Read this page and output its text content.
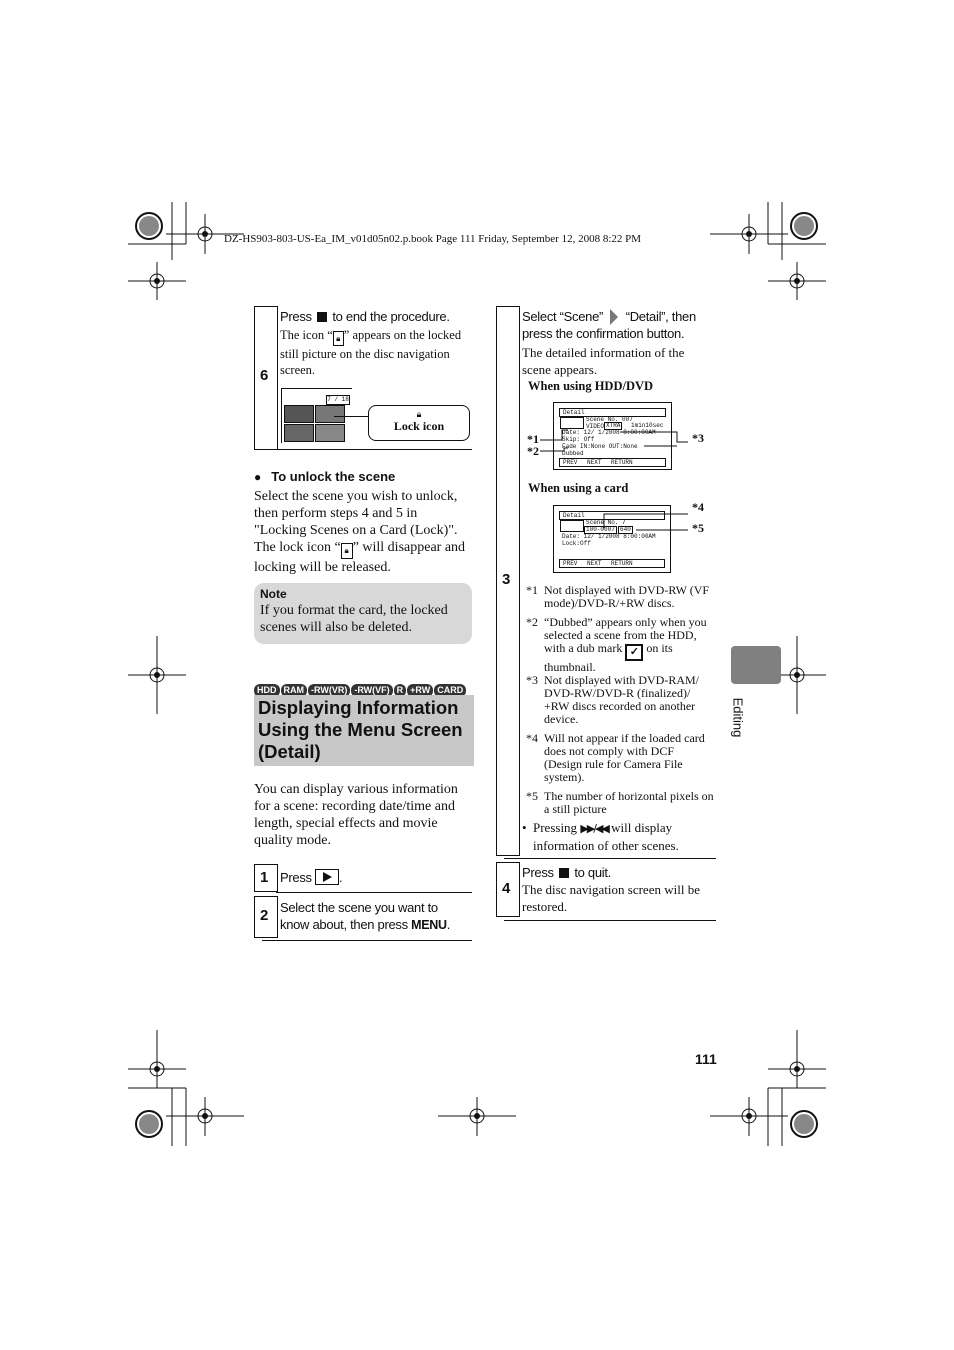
DZ-HS903-803-US-Ea_IM_v01d05n02.p.book Page 111 Friday, September 12, 2008 8:22 PM
6
Press to end the procedure.
The icon “ 🔒︎ ” appears on the locked still picture on the disc navigation screen.
7 / 18
🔒︎
Lock icon
● To unlock the scene
Select the scene you wish to unlock, then perform steps 4 and 5 in "Locking Scenes on a Card (Lock)". The lock icon “ 🔒︎ ” will disappear and locking will be released.
Note
If you format the card, the locked scenes will also be deleted.
HDD RAM -RW(VR) -RW(VF) R +RW CARD
Displaying Information Using the Menu Screen (Detail)
You can display various information for a scene: recording date/time and length, special effects and movie quality mode.
1 Press .
2 Select the scene you want to know about, then press MENU.
3
Select “Scene” “Detail”, then press the confirmation button.
The detailed information of the scene appears.
When using HDD/DVD
Detail
Scene No. 007
VIDEO XTRA	1min10sec
Date: 12/ 1/2008 8:00:00AM
Skip: Off
Fade IN:None OUT:None
Dubbed
PREV NEXT RETURN
*1
*2
*3
When using a card
Detail
Scene No. 7
100-0007 640
Date: 12/ 1/2008 8:00:00AM
Lock:Off
PREV NEXT RETURN
*4
*5
*1 Not displayed with DVD-RW (VF mode)/DVD-R/+RW discs.
*2 “Dubbed” appears only when you selected a scene from the HDD, with a dub mark ✓ on its thumbnail.
*3 Not displayed with DVD-RAM/ DVD-RW/DVD-R (finalized)/ +RW discs recorded on another device.
*4 Will not appear if the loaded card does not comply with DCF (Design rule for Camera File system).
*5 The number of horizontal pixels on a still picture
• Pressing ▶▶/◀◀ will display information of other scenes.
4
Press to quit.
The disc navigation screen will be restored.
Editing
111
